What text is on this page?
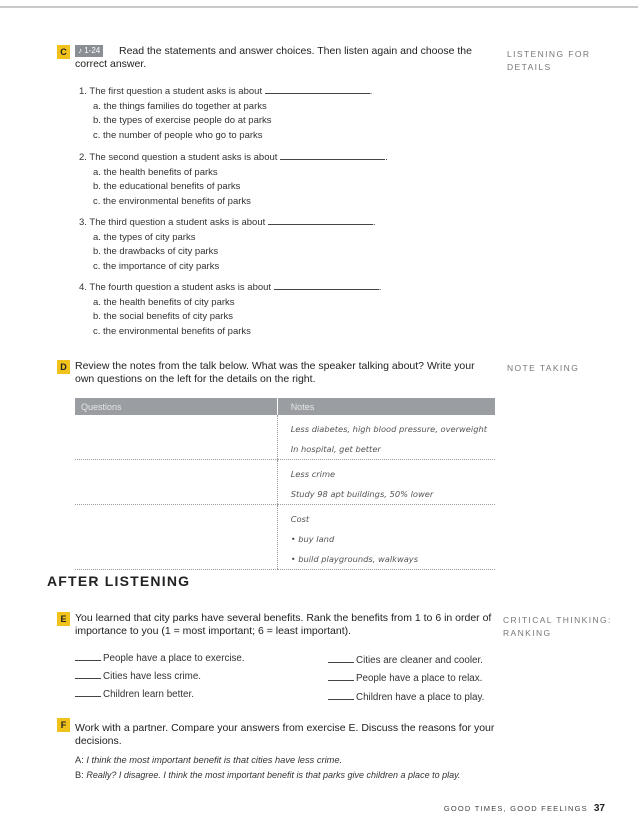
C	♪ 1-24	Read the statements and answer choices. Then listen again and choose the correct answer.
LISTENING FOR
DETAILS
1. The first question a student asks is about	.
a. the things families do together at parks
b. the types of exercise people do at parks
c. the number of people who go to parks
2. The second question a student asks is about	.
a. the health benefits of parks
b. the educational benefits of parks
c. the environmental benefits of parks
3. The third question a student asks is about	.
a. the types of city parks
b. the drawbacks of city parks
c. the importance of city parks
4. The fourth question a student asks is about	.
a. the health benefits of city parks
b. the social benefits of city parks
c. the environmental benefits of parks
D Review the notes from the talk below. What was the speaker talking about? Write your own questions on the left for the details on the right.
NOTE TAKING
Questions	Notes

	Less diabetes, high blood pressure, overweight
In hospital, get better

	Less crime
Study 98 apt buildings, 50% lower

	Cost
• buy land
• build playgrounds, walkways
AFTER LISTENING
E You learned that city parks have several benefits. Rank the benefits from 1 to 6 in order of importance to you (1 = most important; 6 = least important).
CRITICAL THINKING:
RANKING
People have a place to exercise.
Cities have less crime.
Children learn better.
Cities are cleaner and cooler.
People have a place to relax.
Children have a place to play.
F Work with a partner. Compare your answers from exercise E. Discuss the reasons for your decisions.
A: I think the most important benefit is that cities have less crime.
B: Really? I disagree. I think the most important benefit is that parks give children a place to play.
GOOD TIMES, GOOD FEELINGS 37
